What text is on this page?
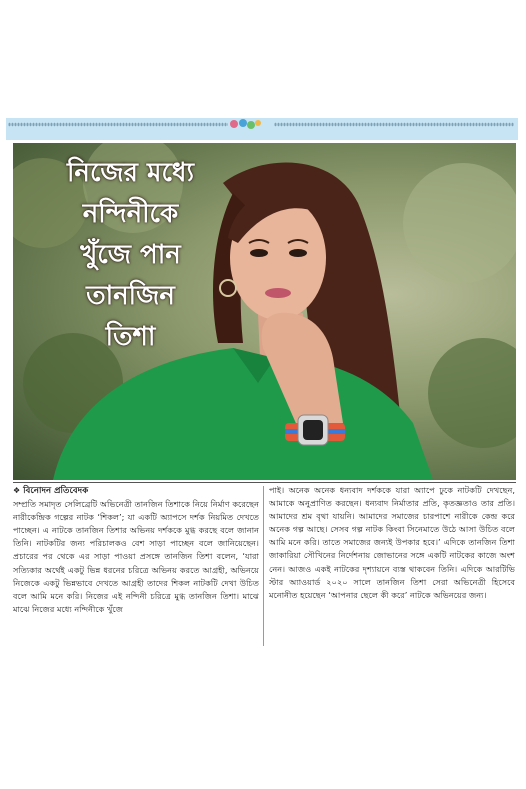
নিজের মধ্যে
নন্দিনীকে
খুঁজে পান
তানজিন
তিশা
❖ বিনোদন প্রতিবেদক
সম্প্রতি সমাদৃত সেলিব্রেটি অভিনেত্রী তানজিন তিশাকে নিয়ে নির্মাণ করেছেন নারীকেন্দ্রিক গল্পের নাটক ‘শিকল’; যা একটি অ্যাপসে দর্শক নিয়মিত দেখতে পাচ্ছেন। এ নাটকে তানজিন তিশার অভিনয় দর্শককে মুগ্ধ করছে বলে জানান তিনি। নাটকটির জন্য পরিচালকও বেশ সাড়া পাচ্ছেন বলে জানিয়েছেন। প্রচারের পর থেকে এর সাড়া পাওয়া প্রসঙ্গে তানজিন তিশা বলেন, ‘যারা সত্যিকার অর্থেই একটু ভিন্ন ধরনের চরিত্রে অভিনয় করতে আগ্রহী, অভিনয়ে নিজেকে একটু ভিন্নভাবে দেখতে আগ্রহী তাদের শিকল নাটকটি দেখা উচিত বলে আমি মনে করি। নিজের এই নন্দিনী চরিত্রে মুগ্ধ তানজিন তিশা। মাঝে মাঝে নিজের মধ্যে নন্দিনীকে খুঁজে
পাই। অনেক অনেক ধন্যবাদ দর্শককে যারা অ্যাপে ঢুকে নাটকটি দেখছেন, আমাকে অনুপ্রাণিত করছেন। ধন্যবাদ নির্মাতার প্রতি, কৃতজ্ঞতাও তার প্রতি। আমাদের শ্রম বৃথা যায়নি। আমাদের সমাজের চারপাশে নারীকে কেন্দ্র করে অনেক গল্প আছে। সেসব গল্প নাটক কিংবা সিনেমাতে উঠে আসা উচিত বলে আমি মনে করি। তাতে সমাজের জন্যই উপকার হবে।’ এদিকে তানজিন তিশা জাকারিয়া সৌখিনের নির্দেশনায় জোভানের সঙ্গে একটি নাটকের কাজে অংশ নেন। আজও একই নাটকের দৃশ্যায়নে ব্যস্ত থাকবেন তিনি। এদিকে আরটিভি স্টার অ্যাওয়ার্ড ২০২০ সালে তানজিন তিশা সেরা অভিনেত্রী হিসেবে মনোনীত হয়েছেন ‘আপনার ছেলে কী করে’ নাটকে অভিনয়ের জন্য।
